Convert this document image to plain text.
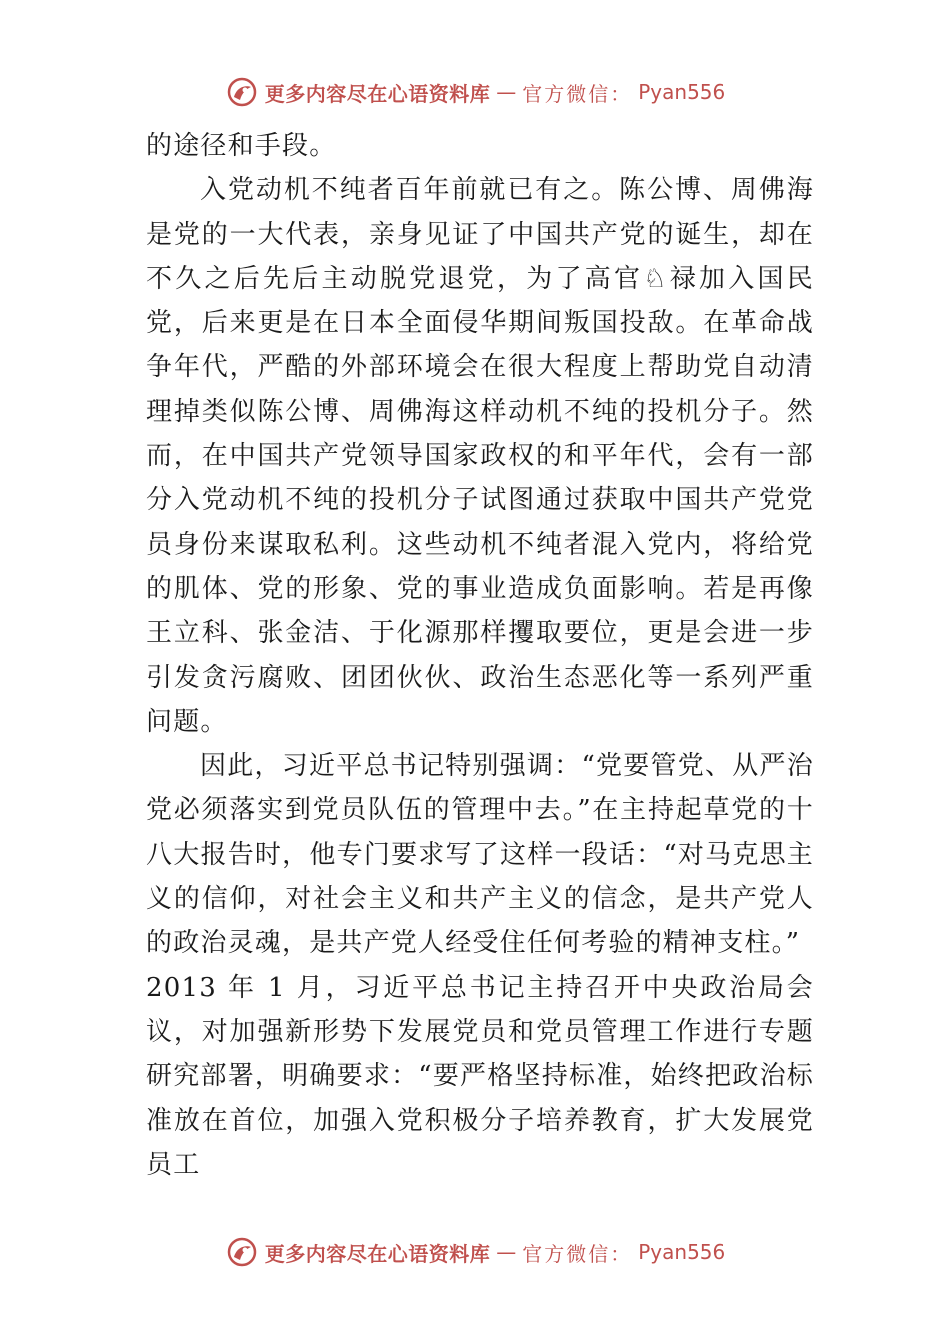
更多内容尽在心语资料库 — 官方微信： Pyan556

的途径和手段。

入党动机不纯者百年前就已有之。陈公博、周佛海是党的一大代表，亲身见证了中国共产党的诞生，却在不久之后先后主动脱党退党，为了高官♘禄加入国民党，后来更是在日本全面侵华期间叛国投敌。在革命战争年代，严酷的外部环境会在很大程度上帮助党自动清理掉类似陈公博、周佛海这样动机不纯的投机分子。然而，在中国共产党领导国家政权的和平年代，会有一部分入党动机不纯的投机分子试图通过获取中国共产党党员身份来谋取私利。这些动机不纯者混入党内，将给党的肌体、党的形象、党的事业造成负面影响。若是再像王立科、张金洁、于化源那样攫取要位，更是会进一步引发贪污腐败、团团伙伙、政治生态恶化等一系列严重问题。

因此，习近平总书记特别强调：“党要管党、从严治党必须落实到党员队伍的管理中去。”在主持起草党的十八大报告时，他专门要求写了这样一段话：“对马克思主义的信仰，对社会主义和共产主义的信念，是共产党人的政治灵魂，是共产党人经受住任何考验的精神支柱。”

2013 年 1 月，习近平总书记主持召开中央政治局会议，对加强新形势下发展党员和党员管理工作进行专题研究部署，明确要求：“要严格坚持标准，始终把政治标准放在首位，加强入党积极分子培养教育，扩大发展党员工

更多内容尽在心语资料库 — 官方微信： Pyan556
